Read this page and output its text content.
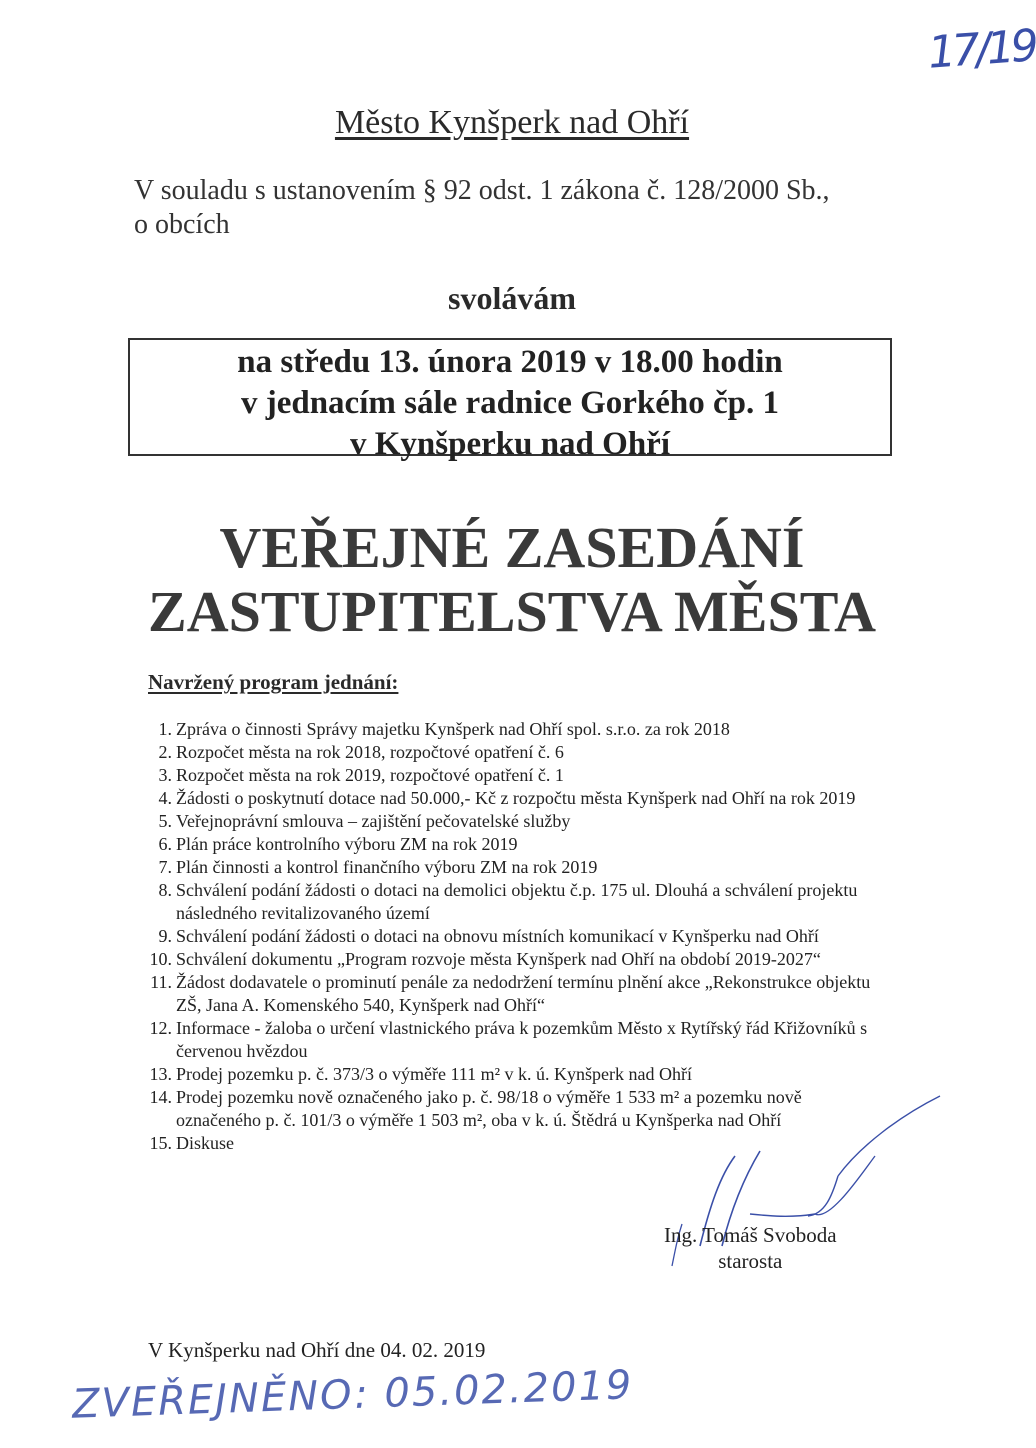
17/19
Město Kynšperk nad Ohří
V souladu s ustanovením § 92 odst. 1 zákona č. 128/2000 Sb.,
o obcích
svolávám
na středu 13. února 2019 v 18.00 hodin
v jednacím sále radnice Gorkého čp. 1
v Kynšperku nad Ohří
VEŘEJNÉ ZASEDÁNÍ
ZASTUPITELSTVA MĚSTA
Navržený program jednání:
1. Zpráva o činnosti Správy majetku Kynšperk nad Ohří spol. s.r.o. za rok 2018
2. Rozpočet města na rok 2018, rozpočtové opatření č. 6
3. Rozpočet města na rok 2019, rozpočtové opatření č. 1
4. Žádosti o poskytnutí dotace nad 50.000,- Kč z rozpočtu města Kynšperk nad Ohří na rok 2019
5. Veřejnoprávní smlouva – zajištění pečovatelské služby
6. Plán práce kontrolního výboru ZM na rok 2019
7. Plán činnosti a kontrol finančního výboru ZM na rok 2019
8. Schválení podání žádosti o dotaci na demolici objektu č.p. 175 ul. Dlouhá a schválení projektu následného revitalizovaného území
9. Schválení podání žádosti o dotaci na obnovu místních komunikací v Kynšperku nad Ohří
10. Schválení dokumentu „Program rozvoje města Kynšperk nad Ohří na období 2019-2027“
11. Žádost dodavatele o prominutí penále za nedodržení termínu plnění akce „Rekonstrukce objektu ZŠ, Jana A. Komenského 540, Kynšperk nad Ohří“
12. Informace - žaloba o určení vlastnického práva k pozemkům Město x Rytířský řád Křižovníků s červenou hvězdou
13. Prodej pozemku p. č. 373/3 o výměře 111 m² v k. ú. Kynšperk nad Ohří
14. Prodej pozemku nově označeného jako p. č. 98/18 o výměře 1 533 m² a pozemku nově označeného p. č. 101/3 o výměře 1 503 m², oba v k. ú. Štědrá u Kynšperka nad Ohří
15. Diskuse
Ing. Tomáš Svoboda
starosta
V Kynšperku nad Ohří dne 04. 02. 2019
ZVEŘEJNĚNO: 05.02.2019
